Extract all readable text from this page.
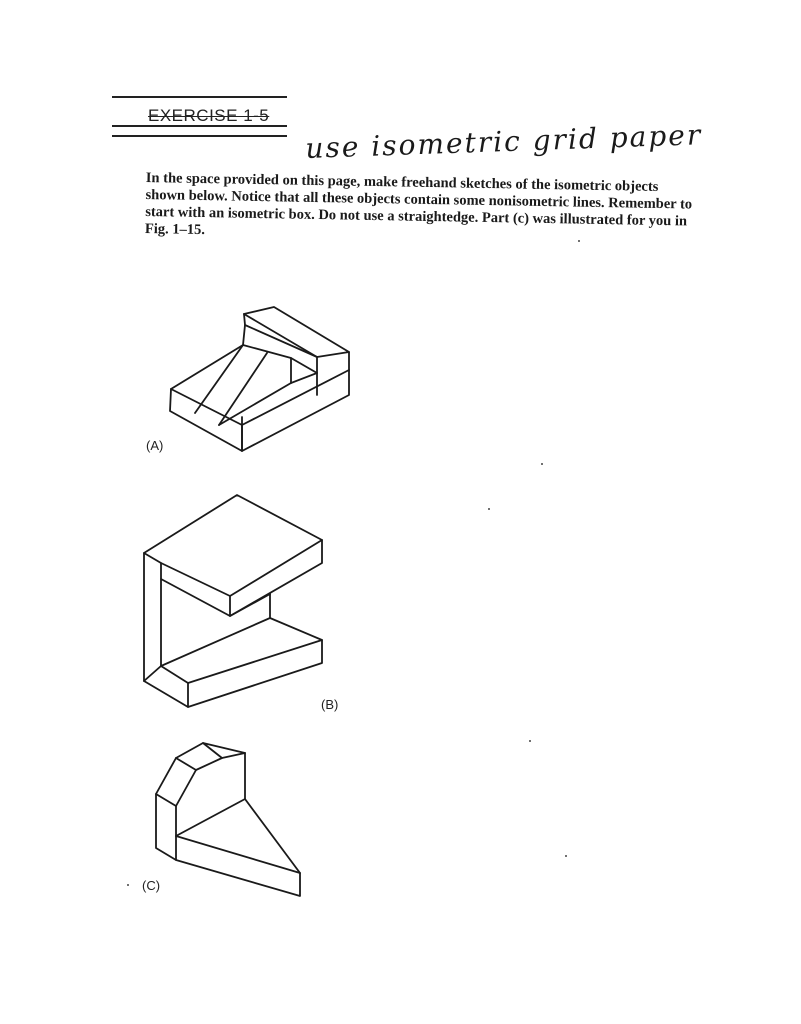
EXERCISE 1-5
use isometric grid paper
In the space provided on this page, make freehand sketches of the isometric objects shown below. Notice that all these objects contain some nonisometric lines. Remember to start with an isometric box. Do not use a straightedge. Part (c) was illustrated for you in Fig. 1–15.
(A)
(B)
(C)
